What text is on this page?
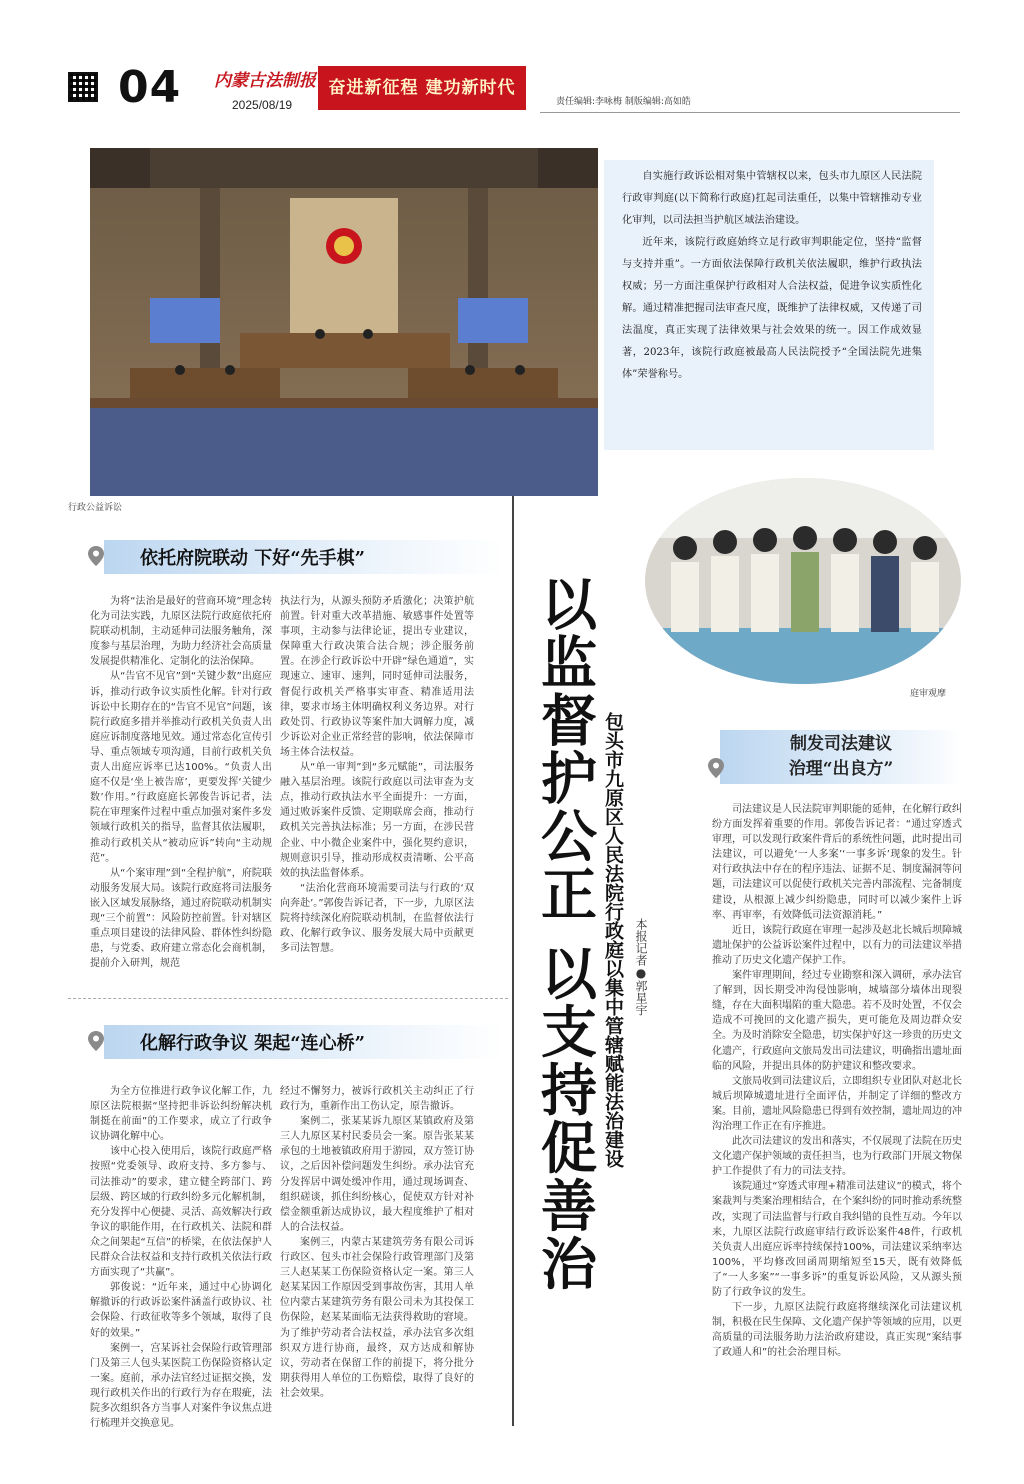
04 内蒙古法制报
2025/08/19
奋进新征程 建功新时代
责任编辑:李咏梅 制版编辑:高如皓
行政公益诉讼

自实施行政诉讼相对集中管辖权以来，包头市九原区人民法院行政审判庭(以下简称行政庭)扛起司法重任，以集中管辖推动专业化审判，以司法担当护航区域法治建设。

近年来，该院行政庭始终立足行政审判职能定位，坚持“监督与支持并重”。一方面依法保障行政机关依法履职，维护行政执法权威；另一方面注重保护行政相对人合法权益，促进争议实质性化解。通过精准把握司法审查尺度，既维护了法律权威，又传递了司法温度，真正实现了法律效果与社会效果的统一。因工作成效显著，2023年，该院行政庭被最高人民法院授予“全国法院先进集体”荣誉称号。

庭审观摩
依托府院联动 下好“先手棋”

为将“法治是最好的营商环境”理念转化为司法实践，九原区法院行政庭依托府院联动机制，主动延伸司法服务触角，深度参与基层治理，为助力经济社会高质量发展提供精准化、定制化的法治保障。

从“告官不见官”到“关键少数”出庭应诉，推动行政争议实质性化解。针对行政诉讼中长期存在的“告官不见官”问题，该院行政庭多措并举推动行政机关负责人出庭应诉制度落地见效。通过常态化宣传引导、重点领域专项沟通，目前行政机关负责人出庭应诉率已达100%。“负责人出庭不仅是‘坐上被告席’，更要发挥‘关键少数’作用。”行政庭庭长郭俊告诉记者，法院在审理案件过程中重点加强对案件多发领域行政机关的指导，监督其依法履职，推动行政机关从“被动应诉”转向“主动规范”。

从“个案审理”到“全程护航”，府院联动服务发展大局。该院行政庭将司法服务嵌入区域发展脉络，通过府院联动机制实现“三个前置”：风险防控前置。针对辖区重点项目建设的法律风险、群体性纠纷隐患，与党委、政府建立常态化会商机制，提前介入研判，规范

执法行为，从源头预防矛盾激化；决策护航前置。针对重大改革措施、敏感事件处置等事项，主动参与法律论证，提出专业建议，保障重大行政决策合法合规；涉企服务前置。在涉企行政诉讼中开辟“绿色通道”，实现速立、速审、速判，同时延伸司法服务，督促行政机关严格事实审查、精准适用法律，要求市场主体明确权利义务边界。对行政处罚、行政协议等案件加大调解力度，减少诉讼对企业正常经营的影响，依法保障市场主体合法权益。

从“单一审判”到“多元赋能”，司法服务融入基层治理。该院行政庭以司法审查为支点，推动行政执法水平全面提升：一方面，通过败诉案件反馈、定期联席会商，推动行政机关完善执法标准；另一方面，在涉民营企业、中小微企业案件中，强化契约意识，规则意识引导，推动形成权责清晰、公平高效的执法监督体系。

“法治化营商环境需要司法与行政的‘双向奔赴’。”郭俊告诉记者，下一步，九原区法院将持续深化府院联动机制，在监督依法行政、化解行政争议、服务发展大局中贡献更多司法智慧。

化解行政争议 架起“连心桥”

为全方位推进行政争议化解工作，九原区法院根据“坚持把非诉讼纠纷解决机制挺在前面”的工作要求，成立了行政争议协调化解中心。

该中心投入使用后，该院行政庭严格按照“党委领导、政府支持、多方参与、司法推动”的要求，建立健全跨部门、跨层级、跨区域的行政纠纷多元化解机制，充分发挥中心便捷、灵活、高效解决行政争议的职能作用，在行政机关、法院和群众之间架起“互信”的桥梁，在依法保护人民群众合法权益和支持行政机关依法行政方面实现了“共赢”。

郭俊说：“近年来，通过中心协调化解撤诉的行政诉讼案件涵盖行政协议、社会保险、行政征收等多个领域，取得了良好的效果。”

案例一，宫某诉社会保险行政管理部门及第三人包头某医院工伤保险资格认定一案。庭前，承办法官经过证据交换，发现行政机关作出的行政行为存在瑕疵，法院多次组织各方当事人对案件争议焦点进行梳理并交换意见。

经过不懈努力，被诉行政机关主动纠正了行政行为，重新作出工伤认定，原告撤诉。

案例二，张某某诉九原区某镇政府及第三人九原区某村民委员会一案。原告张某某承包的土地被镇政府用于游园，双方签订协议，之后因补偿问题发生纠纷。承办法官充分发挥居中调处缓冲作用，通过现场调查、组织磋谈，抓住纠纷核心，促使双方针对补偿金额重新达成协议，最大程度维护了相对人的合法权益。

案例三，内蒙古某建筑劳务有限公司诉行政区、包头市社会保险行政管理部门及第三人赵某某工伤保险资格认定一案。第三人赵某某因工作原因受到事故伤害，其用人单位内蒙古某建筑劳务有限公司未为其投保工伤保险，赵某某面临无法获得救助的窘境。为了维护劳动者合法权益，承办法官多次组织双方进行协商，最终，双方达成和解协议，劳动者在保留工作的前提下，将分批分期获得用人单位的工伤赔偿，取得了良好的社会效果。

以监督护公正 以支持促善治 包头市九原区人民法院行政庭以集中管辖赋能法治建设 本报记者●郭星宇
制发司法建议
治理“出良方”

司法建议是人民法院审判职能的延伸，在化解行政纠纷方面发挥着重要的作用。郭俊告诉记者：“通过穿透式审理，可以发现行政案件背后的系统性问题，此时提出司法建议，可以避免‘一人多案’‘一事多诉’现象的发生。针对行政执法中存在的程序违法、证据不足、制度漏洞等问题，司法建议可以促使行政机关完善内部流程、完备制度建设，从根源上减少纠纷隐患，同时可以减少案件上诉率、再审率，有效降低司法资源消耗。”

近日，该院行政庭在审理一起涉及赵北长城后坝障城遗址保护的公益诉讼案件过程中，以有力的司法建议举措推动了历史文化遗产保护工作。

案件审理期间，经过专业勘察和深入调研，承办法官了解到，因长期受冲沟侵蚀影响，城墙部分墙体出现裂缝，存在大面积塌陷的重大隐患。若不及时处置，不仅会造成不可挽回的文化遗产损失，更可能危及周边群众安全。为及时消除安全隐患，切实保护好这一珍贵的历史文化遗产，行政庭向文旅局发出司法建议，明确指出遗址面临的风险，并提出具体的防护建议和整改要求。

文旅局收到司法建议后，立即组织专业团队对赵北长城后坝障城遗址进行全面评估，并制定了详细的整改方案。目前，遗址风险隐患已得到有效控制，遗址周边的冲沟治理工作正在有序推进。

此次司法建议的发出和落实，不仅展现了法院在历史文化遗产保护领域的责任担当，也为行政部门开展文物保护工作提供了有力的司法支持。

该院通过“穿透式审理+精准司法建议”的模式，将个案裁判与类案治理相结合，在个案纠纷的同时推动系统整改，实现了司法监督与行政自我纠错的良性互动。今年以来，九原区法院行政庭审结行政诉讼案件48件，行政机关负责人出庭应诉率持续保持100%，司法建议采纳率达100%，平均修改回函周期缩短至15天，既有效降低了“一人多案”“一事多诉”的重复诉讼风险，又从源头预防了行政争议的发生。

下一步，九原区法院行政庭将继续深化司法建议机制，积极在民生保障、文化遗产保护等领域的应用，以更高质量的司法服务助力法治政府建设，真正实现“案结事了政通人和”的社会治理目标。
